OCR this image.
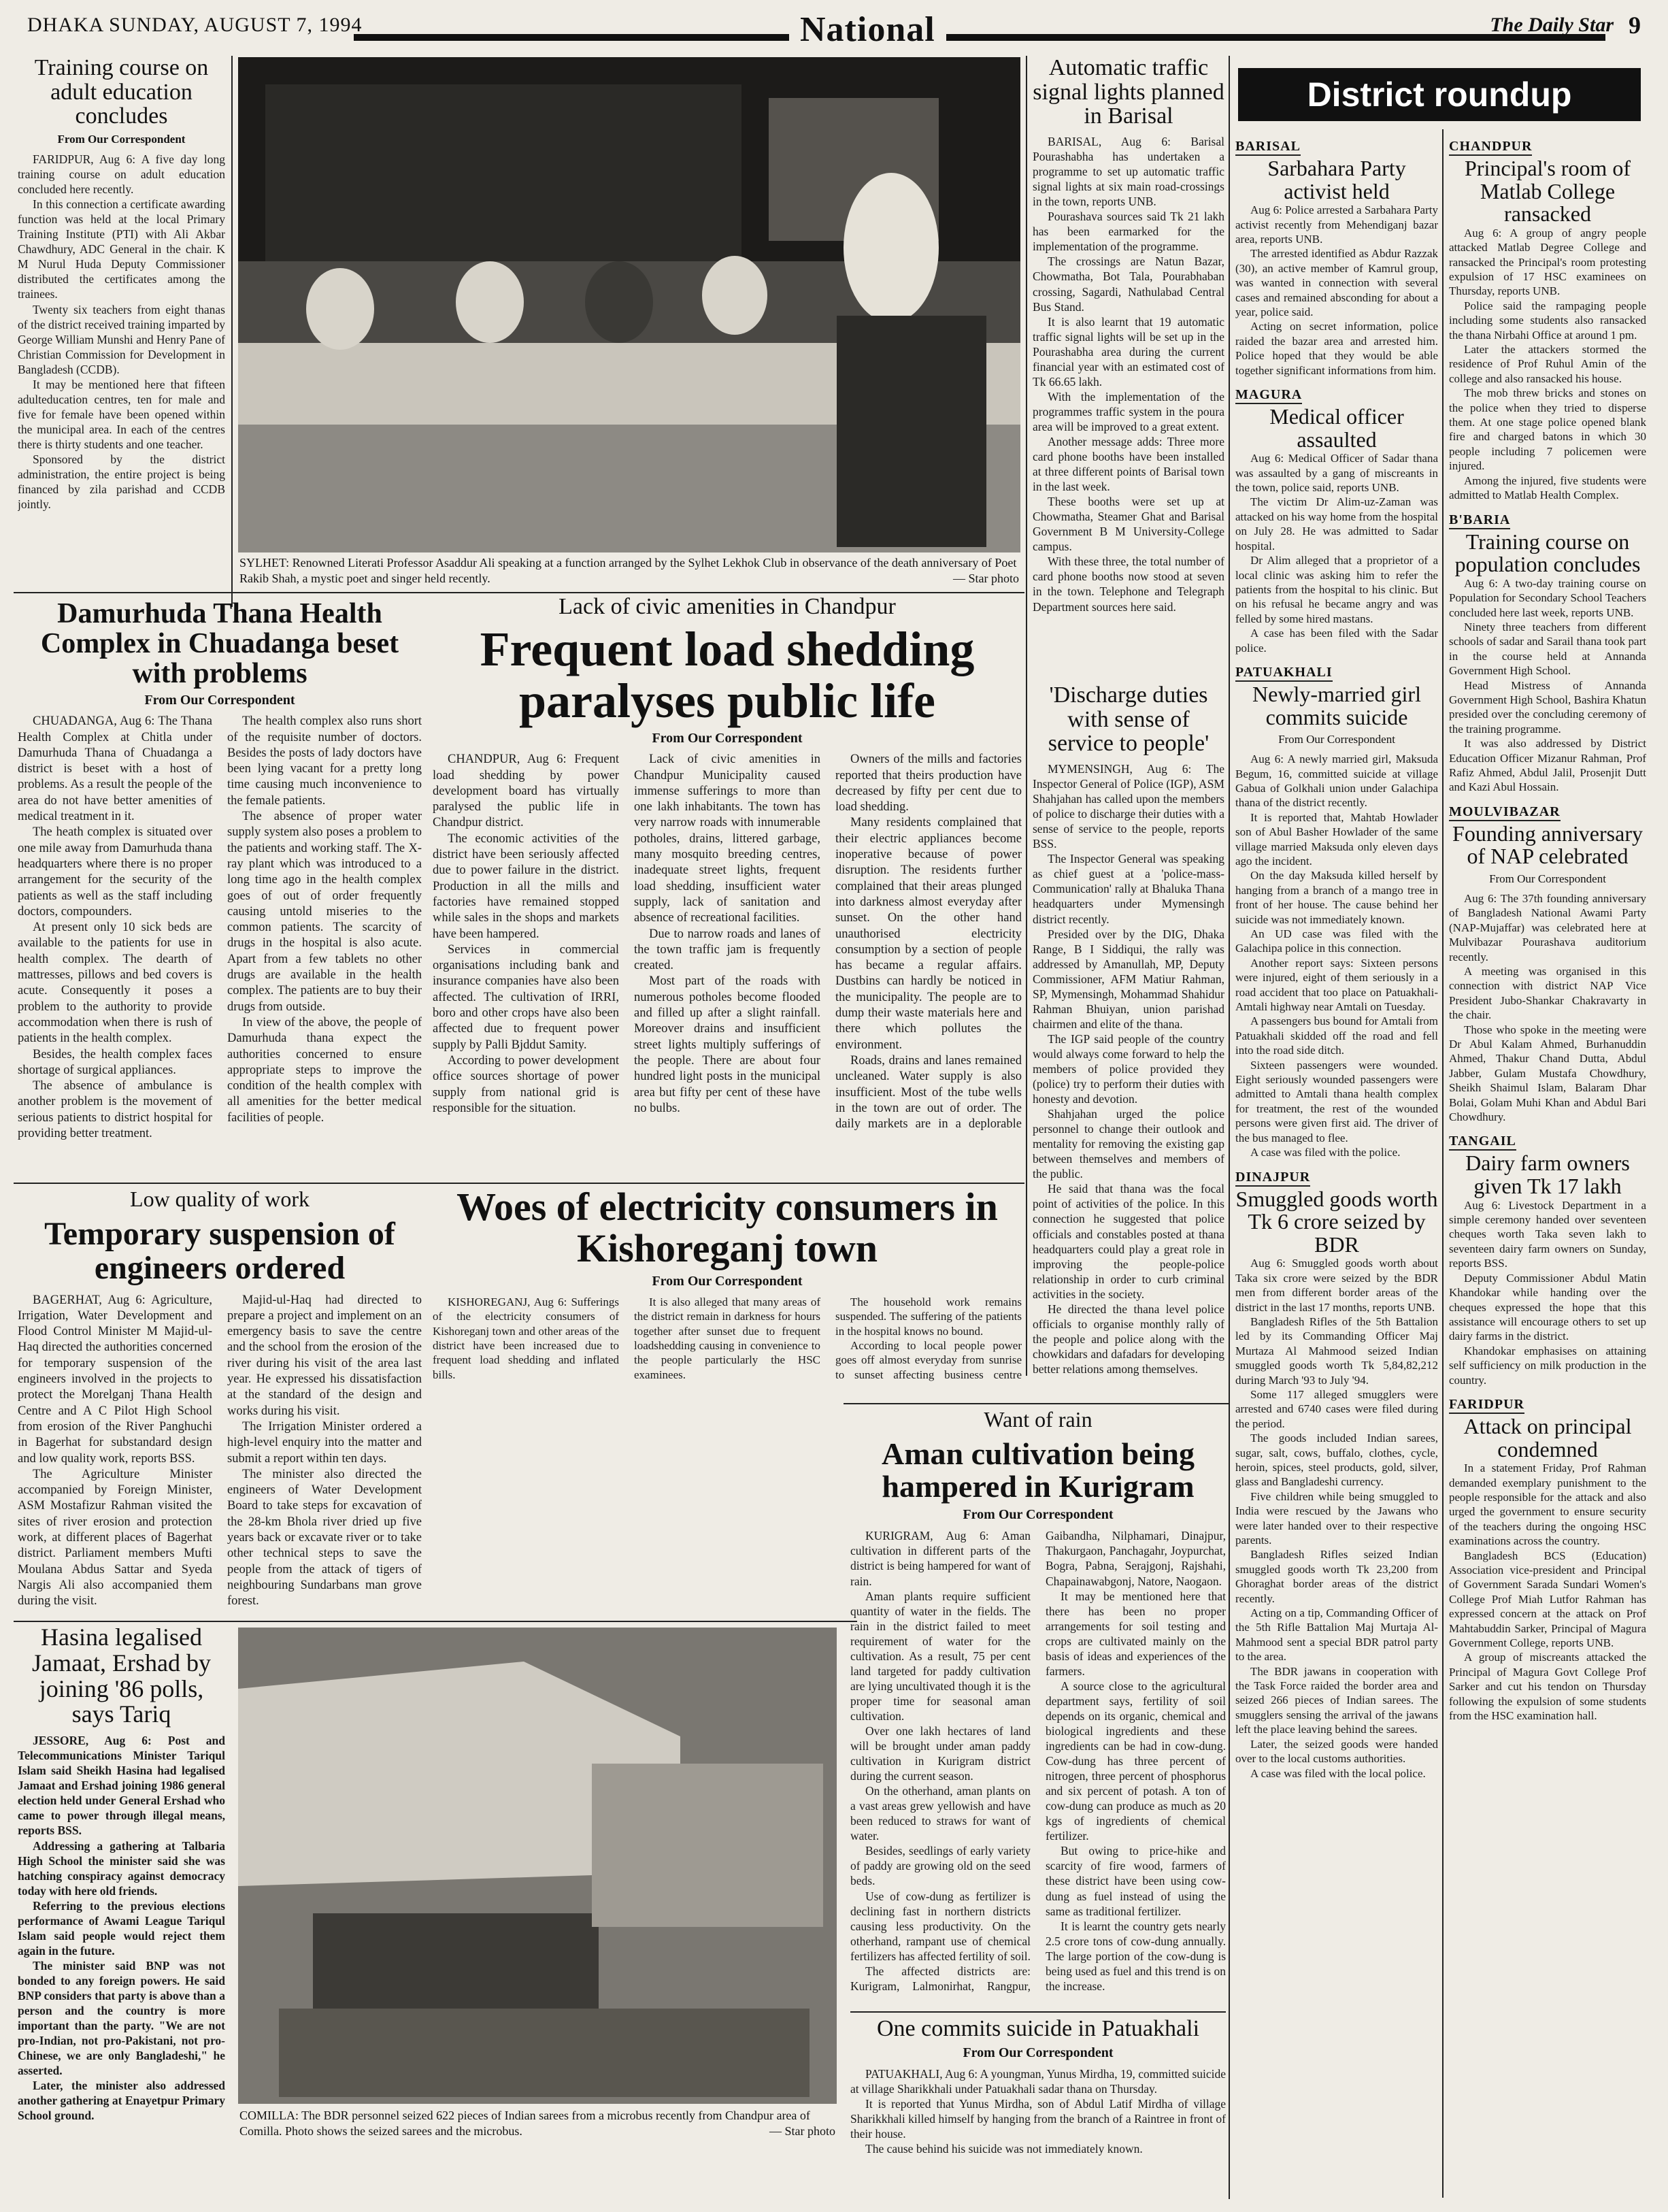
DHAKA SUNDAY, AUGUST 7, 1994	National	The Daily Star 9
Training course on adult education concludes
From Our Correspondent

FARIDPUR, Aug 6: A five day long training course on adult education concluded here recently.

In this connection a certificate awarding function was held at the local Primary Training Institute (PTI) with Ali Akbar Chawdhury, ADC General in the chair. K M Nurul Huda Deputy Commissioner distributed the certificates among the trainees.

Twenty six teachers from eight thanas of the district received training imparted by George William Munshi and Henry Pane of Christian Commission for Development in Bangladesh (CCDB).

It may be mentioned here that fifteen adulteducation centres, ten for male and five for female have been opened within the municipal area. In each of the centres there is thirty students and one teacher.

Sponsored by the district administration, the entire project is being financed by zila parishad and CCDB jointly.

SYLHET: Renowned Literati Professor Asaddur Ali speaking at a function arranged by the Sylhet Lekhok Club in observance of the death anniversary of Poet Rakib Shah, a mystic poet and singer held recently.	— Star photo
Damurhuda Thana Health Complex in Chuadanga beset with problems
From Our Correspondent

CHUADANGA, Aug 6: The Thana Health Complex at Chitla under Damurhuda Thana of Chuadanga a district is beset with a host of problems. As a result the people of the area do not have better amenities of medical treatment in it.

The heath complex is situated over one mile away from Damurhuda thana headquarters where there is no proper arrangement for the security of the patients as well as the staff including doctors, compounders.

At present only 10 sick beds are available to the patients for use in health complex. The dearth of mattresses, pillows and bed covers is acute. Consequently it poses a problem to the authority to provide accommodation when there is rush of patients in the health complex.

Besides, the health complex faces shortage of surgical appliances.

The absence of ambulance is another problem is the movement of serious patients to district hospital for providing better treatment.

The health complex also runs short of the requisite number of doctors. Besides the posts of lady doctors have been lying vacant for a pretty long time causing much inconvenience to the female patients.

The absence of proper water supply system also poses a problem to the patients and working staff. The X-ray plant which was introduced to a long time ago in the health complex goes of out of order frequently causing untold miseries to the common patients. The scarcity of drugs in the hospital is also acute. Apart from a few tablets no other drugs are available in the health complex. The patients are to buy their drugs from outside.

In view of the above, the people of Damurhuda thana expect the authorities concerned to ensure appropriate steps to improve the condition of the health complex with all amenities for the better medical facilities of people.

Lack of civic amenities in Chandpur
Frequent load shedding paralyses public life
From Our Correspondent

CHANDPUR, Aug 6: Frequent load shedding by power development board has virtually paralysed the public life in Chandpur district.

The economic activities of the district have been seriously affected due to power failure in the district. Production in all the mills and factories have remained stopped while sales in the shops and markets have been hampered.

Services in commercial organisations including bank and insurance companies have also been affected. The cultivation of IRRI, boro and other crops have also been affected due to frequent power supply by Palli Bjddut Samity.

According to power development office sources shortage of power supply from national grid is responsible for the situation.

Lack of civic amenities in Chandpur Municipality caused immense sufferings to more than one lakh inhabitants. The town has very narrow roads with innumerable potholes, drains, littered garbage, many mosquito breeding centres, inadequate street lights, frequent load shedding, insufficient water supply, lack of sanitation and absence of recreational facilities.

Due to narrow roads and lanes of the town traffic jam is frequently created.

Most part of the roads with numerous potholes become flooded and filled up after a slight rainfall. Moreover drains and insufficient street lights multiply sufferings of the people. There are about four hundred light posts in the municipal area but fifty per cent of these have no bulbs.

Owners of the mills and factories reported that theirs production have decreased by fifty per cent due to load shedding.

Many residents complained that their electric appliances become inoperative because of power disruption. The residents further complained that their areas plunged into darkness almost everyday after sunset. On the other hand unauthorised electricity consumption by a section of people has became a regular affairs. Dustbins can hardly be noticed in the municipality. The people are to dump their waste materials here and there which pollutes the environment.

Roads, drains and lanes remained uncleaned. Water supply is also insufficient. Most of the tube wells in the town are out of order. The daily markets are in a deplorable

Automatic traffic signal lights planned in Barisal

BARISAL, Aug 6: Barisal Pourashabha has undertaken a programme to set up automatic traffic signal lights at six main road-crossings in the town, reports UNB.

Pourashava sources said Tk 21 lakh has been earmarked for the implementation of the programme.

The crossings are Natun Bazar, Chowmatha, Bot Tala, Pourabhaban crossing, Sagardi, Nathulabad Central Bus Stand.

It is also learnt that 19 automatic traffic signal lights will be set up in the Pourashabha area during the current financial year with an estimated cost of Tk 66.65 lakh.

With the implementation of the programmes traffic system in the poura area will be improved to a great extent.

Another message adds: Three more card phone booths have been installed at three different points of Barisal town in the last week.

These booths were set up at Chowmatha, Steamer Ghat and Barisal Government B M University-College campus.

With these three, the total number of card phone booths now stood at seven in the town. Telephone and Telegraph Department sources here said.

'Discharge duties with sense of service to people'

MYMENSINGH, Aug 6: The Inspector General of Police (IGP), ASM Shahjahan has called upon the members of police to discharge their duties with a sense of service to the people, reports BSS.

The Inspector General was speaking as chief guest at a 'police-mass-Communication' rally at Bhaluka Thana headquarters under Mymensingh district recently.

Presided over by the DIG, Dhaka Range, B I Siddiqui, the rally was addressed by Amanullah, MP, Deputy Commissioner, AFM Matiur Rahman, SP, Mymensingh, Mohammad Shahidur Rahman Bhuiyan, union parishad chairmen and elite of the thana.

The IGP said people of the country would always come forward to help the members of police provided they (police) try to perform their duties with honesty and devotion.

Shahjahan urged the police personnel to change their outlook and mentality for removing the existing gap between themselves and members of the public.

He said that thana was the focal point of activities of the police. In this connection he suggested that police officials and constables posted at thana headquarters could play a great role in improving the people-police relationship in order to curb criminal activities in the society.

He directed the thana level police officials to organise monthly rally of the people and police along with the chowkidars and dafadars for developing better relations among themselves.

Low quality of work
Temporary suspension of engineers ordered

BAGERHAT, Aug 6: Agriculture, Irrigation, Water Development and Flood Control Minister M Majid-ul-Haq directed the authorities concerned for temporary suspension of the engineers involved in the projects to protect the Morelganj Thana Health Centre and A C Pilot High School from erosion of the River Panghuchi in Bagerhat for substandard design and low quality work, reports BSS.

The Agriculture Minister accompanied by Foreign Minister, ASM Mostafizur Rahman visited the sites of river erosion and protection work, at different places of Bagerhat district. Parliament members Mufti Moulana Abdus Sattar and Syeda Nargis Ali also accompanied them during the visit.

Majid-ul-Haq had directed to prepare a project and implement on an emergency basis to save the centre and the school from the erosion of the river during his visit of the area last year. He expressed his dissatisfaction at the standard of the design and works during his visit.

The Irrigation Minister ordered a high-level enquiry into the matter and submit a report within ten days.

The minister also directed the engineers of Water Development Board to take steps for excavation of the 28-km Bhola river dried up five years back or excavate river or to take other technical steps to save the people from the attack of tigers of neighbouring Sundarbans man grove forest.

Woes of electricity consumers in Kishoreganj town
From Our Correspondent

KISHOREGANJ, Aug 6: Sufferings of the electricity consumers of Kishoreganj town and other areas of the district have been increased due to frequent load shedding and inflated bills.

It is also alleged that many areas of the district remain in darkness for hours together after sunset due to frequent loadshedding causing in convenience to the people particularly the HSC examinees.

The household work remains suspended. The suffering of the patients in the hospital knows no bound.

According to local people power goes off almost everyday from sunrise to sunset affecting business centre

Want of rain
Aman cultivation being hampered in Kurigram
From Our Correspondent

KURIGRAM, Aug 6: Aman cultivation in different parts of the district is being hampered for want of rain.

Aman plants require sufficient quantity of water in the fields. The rain in the district failed to meet requirement of water for the cultivation. As a result, 75 per cent land targeted for paddy cultivation are lying uncultivated though it is the proper time for seasonal aman cultivation.

Over one lakh hectares of land will be brought under aman paddy cultivation in Kurigram district during the current season.

On the otherhand, aman plants on a vast areas grew yellowish and have been reduced to straws for want of water.

Besides, seedlings of early variety of paddy are growing old on the seed beds.

Use of cow-dung as fertilizer is declining fast in northern districts causing less productivity. On the otherhand, rampant use of chemical fertilizers has affected fertility of soil.

The affected districts are: Kurigram, Lalmonirhat, Rangpur, Gaibandha, Nilphamari, Dinajpur, Thakurgaon, Panchagahr, Joypurchat, Bogra, Pabna, Serajgonj, Rajshahi, Chapainawabgonj, Natore, Naogaon.

It may be mentioned here that there has been no proper arrangements for soil testing and crops are cultivated mainly on the basis of ideas and experiences of the farmers.

A source close to the agricultural department says, fertility of soil depends on its organic, chemical and biological ingredients and these ingredients can be had in cow-dung. Cow-dung has three percent of nitrogen, three percent of phosphorus and six percent of potash. A ton of cow-dung can produce as much as 20 kgs of ingredients of chemical fertilizer.

But owing to price-hike and scarcity of fire wood, farmers of these district have been using cow-dung as fuel instead of using the same as traditional fertilizer.

It is learnt the country gets nearly 2.5 crore tons of cow-dung annually. The large portion of the cow-dung is being used as fuel and this trend is on the increase.

One commits suicide in Patuakhali
From Our Correspondent

PATUAKHALI, Aug 6: A youngman, Yunus Mirdha, 19, committed suicide at village Sharikkhali under Patuakhali sadar thana on Thursday.

It is reported that Yunus Mirdha, son of Abdul Latif Mirdha of village Sharikkhali killed himself by hanging from the branch of a Raintree in front of their house.

The cause behind his suicide was not immediately known.

Hasina legalised Jamaat, Ershad by joining '86 polls, says Tariq

JESSORE, Aug 6: Post and Telecommunications Minister Tariqul Islam said Sheikh Hasina had legalised Jamaat and Ershad joining 1986 general election held under General Ershad who came to power through illegal means, reports BSS.

Addressing a gathering at Talbaria High School the minister said she was hatching conspiracy against democracy today with here old friends.

Referring to the previous elections performance of Awami League Tariqul Islam said people would reject them again in the future.

The minister said BNP was not bonded to any foreign powers. He said BNP considers that party is above than a person and the country is more important than the party. "We are not pro-Indian, not pro-Pakistani, not pro-Chinese, we are only Bangladeshi," he asserted.

Later, the minister also addressed another gathering at Enayetpur Primary School ground.	COMILLA: The BDR personnel seized 622 pieces of Indian sarees from a microbus recently from Chandpur area of Comilla. Photo shows the seized sarees and the microbus.	— Star photo
District roundup
BARISAL
Sarbahara Party activist held

Aug 6: Police arrested a Sarbahara Party activist recently from Mehendiganj bazar area, reports UNB.

The arrested identified as Abdur Razzak (30), an active member of Kamrul group, was wanted in connection with several cases and remained absconding for about a year, police said.

Acting on secret information, police raided the bazar area and arrested him. Police hoped that they would be able together significant informations from him.

MAGURA
Medical officer assaulted

Aug 6: Medical Officer of Sadar thana was assaulted by a gang of miscreants in the town, police said, reports UNB.

The victim Dr Alim-uz-Zaman was attacked on his way home from the hospital on July 28. He was admitted to Sadar hospital.

Dr Alim alleged that a proprietor of a local clinic was asking him to refer the patients from the hospital to his clinic. But on his refusal he became angry and was felled by some hired mastans.

A case has been filed with the Sadar police.

PATUAKHALI
Newly-married girl commits suicide
From Our Correspondent

Aug 6: A newly married girl, Maksuda Begum, 16, committed suicide at village Gabua of Golkhali union under Galachipa thana of the district recently.

It is reported that, Mahtab Howlader son of Abul Basher Howlader of the same village married Maksuda only eleven days ago the incident.

On the day Maksuda killed herself by hanging from a branch of a mango tree in front of her house. The cause behind her suicide was not immediately known.

An UD case was filed with the Galachipa police in this connection.

Another report says: Sixteen persons were injured, eight of them seriously in a road accident that too place on Patuakhali-Amtali highway near Amtali on Tuesday.

A passengers bus bound for Amtali from Patuakhali skidded off the road and fell into the road side ditch.

Sixteen passengers were wounded. Eight seriously wounded passengers were admitted to Amtali thana health complex for treatment, the rest of the wounded persons were given first aid. The driver of the bus managed to flee.

A case was filed with the police.

DINAJPUR
Smuggled goods worth Tk 6 crore seized by BDR

Aug 6: Smuggled goods worth about Taka six crore were seized by the BDR men from different border areas of the district in the last 17 months, reports UNB.

Bangladesh Rifles of the 5th Battalion led by its Commanding Officer Maj Murtaza Al Mahmood seized Indian smuggled goods worth Tk 5,84,82,212 during March '93 to July '94.

Some 117 alleged smugglers were arrested and 6740 cases were filed during the period.

The goods included Indian sarees, sugar, salt, cows, buffalo, clothes, cycle, heroin, spices, steel products, gold, silver, glass and Bangladeshi currency.

Five children while being smuggled to India were rescued by the Jawans who were later handed over to their respective parents.

Bangladesh Rifles seized Indian smuggled goods worth Tk 23,200 from Ghoraghat border areas of the district recently.

Acting on a tip, Commanding Officer of the 5th Rifle Battalion Maj Murtaja Al-Mahmood sent a special BDR patrol party to the area.

The BDR jawans in cooperation with the Task Force raided the border area and seized 266 pieces of Indian sarees. The smugglers sensing the arrival of the jawans left the place leaving behind the sarees.

Later, the seized goods were handed over to the local customs authorities.

A case was filed with the local police.

CHANDPUR
Principal's room of Matlab College ransacked

Aug 6: A group of angry people attacked Matlab Degree College and ransacked the Principal's room protesting expulsion of 17 HSC examinees on Thursday, reports UNB.

Police said the rampaging people including some students also ransacked the thana Nirbahi Office at around 1 pm.

Later the attackers stormed the residence of Prof Ruhul Amin of the college and also ransacked his house.

The mob threw bricks and stones on the police when they tried to disperse them. At one stage police opened blank fire and charged batons in which 30 people including 7 policemen were injured.

Among the injured, five students were admitted to Matlab Health Complex.

B'BARIA
Training course on population concludes

Aug 6: A two-day training course on Population for Secondary School Teachers concluded here last week, reports UNB.

Ninety three teachers from different schools of sadar and Sarail thana took part in the course held at Annanda Government High School.

Head Mistress of Annanda Government High School, Bashira Khatun presided over the concluding ceremony of the training programme.

It was also addressed by District Education Officer Mizanur Rahman, Prof Rafiz Ahmed, Abdul Jalil, Prosenjit Dutt and Kazi Abul Hossain.

MOULVIBAZAR
Founding anniversary of NAP celebrated
From Our Correspondent

Aug 6: The 37th founding anniversary of Bangladesh National Awami Party (NAP-Mujaffar) was celebrated here at Mulvibazar Pourashava auditorium recently.

A meeting was organised in this connection with district NAP Vice President Jubo-Shankar Chakravarty in the chair.

Those who spoke in the meeting were Dr Abul Kalam Ahmed, Burhanuddin Ahmed, Thakur Chand Dutta, Abdul Jabber, Gulam Mustafa Chowdhury, Sheikh Shaimul Islam, Balaram Dhar Bolai, Golam Muhi Khan and Abdul Bari Chowdhury.

TANGAIL
Dairy farm owners given Tk 17 lakh

Aug 6: Livestock Department in a simple ceremony handed over seventeen cheques worth Taka seven lakh to seventeen dairy farm owners on Sunday, reports BSS.

Deputy Commissioner Abdul Matin Khandokar while handing over the cheques expressed the hope that this assistance will encourage others to set up dairy farms in the district.

Khandokar emphasises on attaining self sufficiency on milk production in the country.

FARIDPUR
Attack on principal condemned

In a statement Friday, Prof Rahman demanded exemplary punishment to the people responsible for the attack and also urged the government to ensure security of the teachers during the ongoing HSC examinations across the country.

Bangladesh BCS (Education) Association vice-president and Principal of Government Sarada Sundari Women's College Prof Miah Lutfor Rahman has expressed concern at the attack on Prof Mahtabuddin Sarker, Principal of Magura Government College, reports UNB.

A group of miscreants attacked the Principal of Magura Govt College Prof Sarker and cut his tendon on Thursday following the expulsion of some students from the HSC examination hall.
